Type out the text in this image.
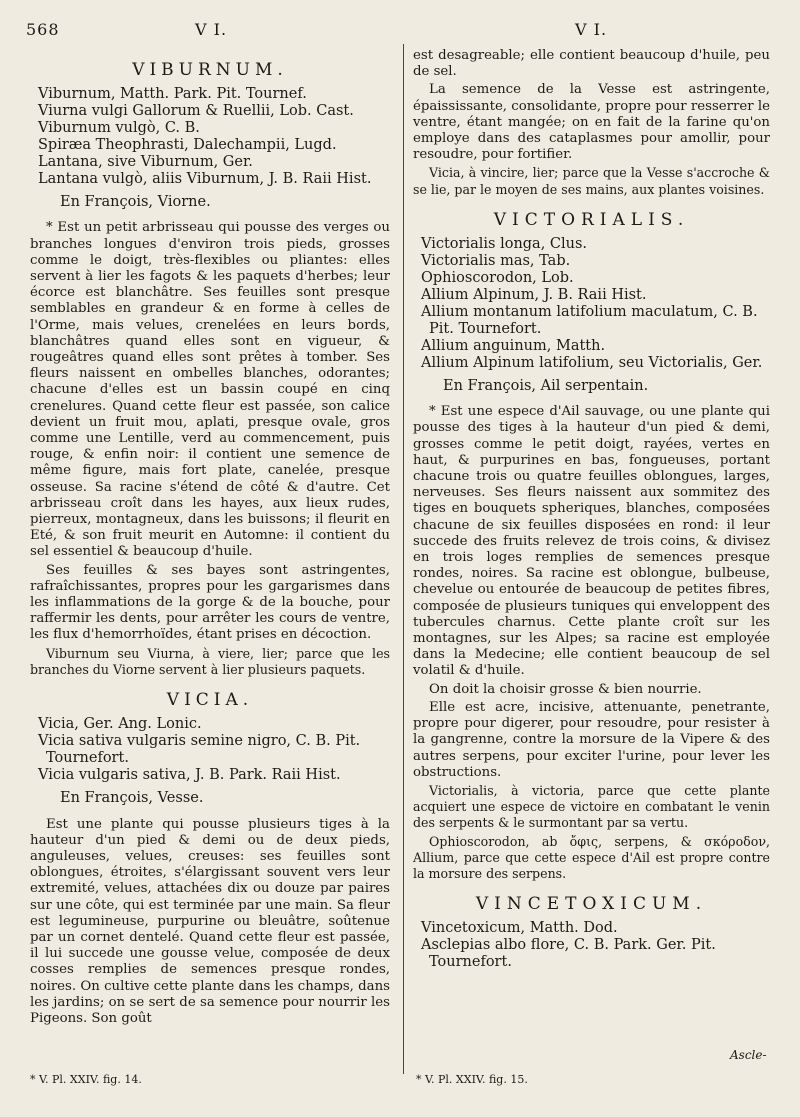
568	V I.	V I.
VIBURNUM.

Viburnum, Matth. Park. Pit. Tournef.

Viurna vulgi Gallorum & Ruellii, Lob. Cast.

Viburnum vulgò, C. B.

Spiræa Theophrasti, Dalechampii, Lugd.

Lantana, sive Viburnum, Ger.

Lantana vulgò, aliis Viburnum, J. B. Raii Hist.

En François, Viorne.

* Est un petit arbrisseau qui pousse des verges ou branches longues d'environ trois pieds, grosses comme le doigt, très-flexibles ou pliantes: elles servent à lier les fagots & les paquets d'herbes; leur écorce est blanchâtre. Ses feuilles sont presque semblables en grandeur & en forme à celles de l'Orme, mais velues, crenelées en leurs bords, blanchâtres quand elles sont en vigueur, & rougeâtres quand elles sont prêtes à tomber. Ses fleurs naissent en ombelles blanches, odorantes; chacune d'elles est un bassin coupé en cinq crenelures. Quand cette fleur est passée, son calice devient un fruit mou, aplati, presque ovale, gros comme une Lentille, verd au commencement, puis rouge, & enfin noir: il contient une semence de même figure, mais fort plate, canelée, presque osseuse. Sa racine s'étend de côté & d'autre. Cet arbrisseau croît dans les hayes, aux lieux rudes, pierreux, montagneux, dans les buissons; il fleurit en Eté, & son fruit meurit en Automne: il contient du sel essentiel & beaucoup d'huile.

Ses feuilles & ses bayes sont astringentes, rafraîchissantes, propres pour les gargarismes dans les inflammations de la gorge & de la bouche, pour raffermir les dents, pour arrêter les cours de ventre, les flux d'hemorrhoïdes, étant prises en décoction.

Viburnum seu Viurna, à viere, lier; parce que les branches du Viorne servent à lier plusieurs paquets.

VICIA.

Vicia, Ger. Ang. Lonic.

Vicia sativa vulgaris semine nigro, C. B. Pit. Tournefort.

Vicia vulgaris sativa, J. B. Park. Raii Hist.

En François, Vesse.

Est une plante qui pousse plusieurs tiges à la hauteur d'un pied & demi ou de deux pieds, anguleuses, velues, creuses: ses feuilles sont oblongues, étroites, s'élargissant souvent vers leur extremité, velues, attachées dix ou douze par paires sur une côte, qui est terminée par une main. Sa fleur est legumineuse, purpurine ou bleuâtre, soûtenue par un cornet dentelé. Quand cette fleur est passée, il lui succede une gousse velue, composée de deux cosses remplies de semences presque rondes, noires. On cultive cette plante dans les champs, dans les jardins; on se sert de sa semence pour nourrir les Pigeons. Son goût

* V. Pl. XXIV. fig. 14.

est desagreable; elle contient beaucoup d'huile, peu de sel.

La semence de la Vesse est astringente, épaississante, consolidante, propre pour resserrer le ventre, étant mangée; on en fait de la farine qu'on employe dans des cataplasmes pour amollir, pour resoudre, pour fortifier.

Vicia, à vincire, lier; parce que la Vesse s'accroche & se lie, par le moyen de ses mains, aux plantes voisines.

VICTORIALIS.

Victorialis longa, Clus.

Victorialis mas, Tab.

Ophioscorodon, Lob.

Allium Alpinum, J. B. Raii Hist.

Allium montanum latifolium maculatum, C. B. Pit. Tournefort.

Allium anguinum, Matth.

Allium Alpinum latifolium, seu Victorialis, Ger.

En François, Ail serpentain.

* Est une espece d'Ail sauvage, ou une plante qui pousse des tiges à la hauteur d'un pied & demi, grosses comme le petit doigt, rayées, vertes en haut, & purpurines en bas, fongueuses, portant chacune trois ou quatre feuilles oblongues, larges, nerveuses. Ses fleurs naissent aux sommitez des tiges en bouquets spheriques, blanches, composées chacune de six feuilles disposées en rond: il leur succede des fruits relevez de trois coins, & divisez en trois loges remplies de semences presque rondes, noires. Sa racine est oblongue, bulbeuse, chevelue ou entourée de beaucoup de petites fibres, composée de plusieurs tuniques qui enveloppent des tubercules charnus. Cette plante croît sur les montagnes, sur les Alpes; sa racine est employée dans la Medecine; elle contient beaucoup de sel volatil & d'huile.

On doit la choisir grosse & bien nourrie.

Elle est acre, incisive, attenuante, penetrante, propre pour digerer, pour resoudre, pour resister à la gangrenne, contre la morsure de la Vipere & des autres serpens, pour exciter l'urine, pour lever les obstructions.

Victorialis, à victoria, parce que cette plante acquiert une espece de victoire en combatant le venin des serpents & le surmontant par sa vertu.

Ophioscorodon, ab ὄφις, serpens, & σκόροδον, Allium, parce que cette espece d'Ail est propre contre la morsure des serpens.

VINCETOXICUM.

Vincetoxicum, Matth. Dod.

Asclepias albo flore, C. B. Park. Ger. Pit. Tournefort.

Ascle-
* V. Pl. XXIV. fig. 15.
